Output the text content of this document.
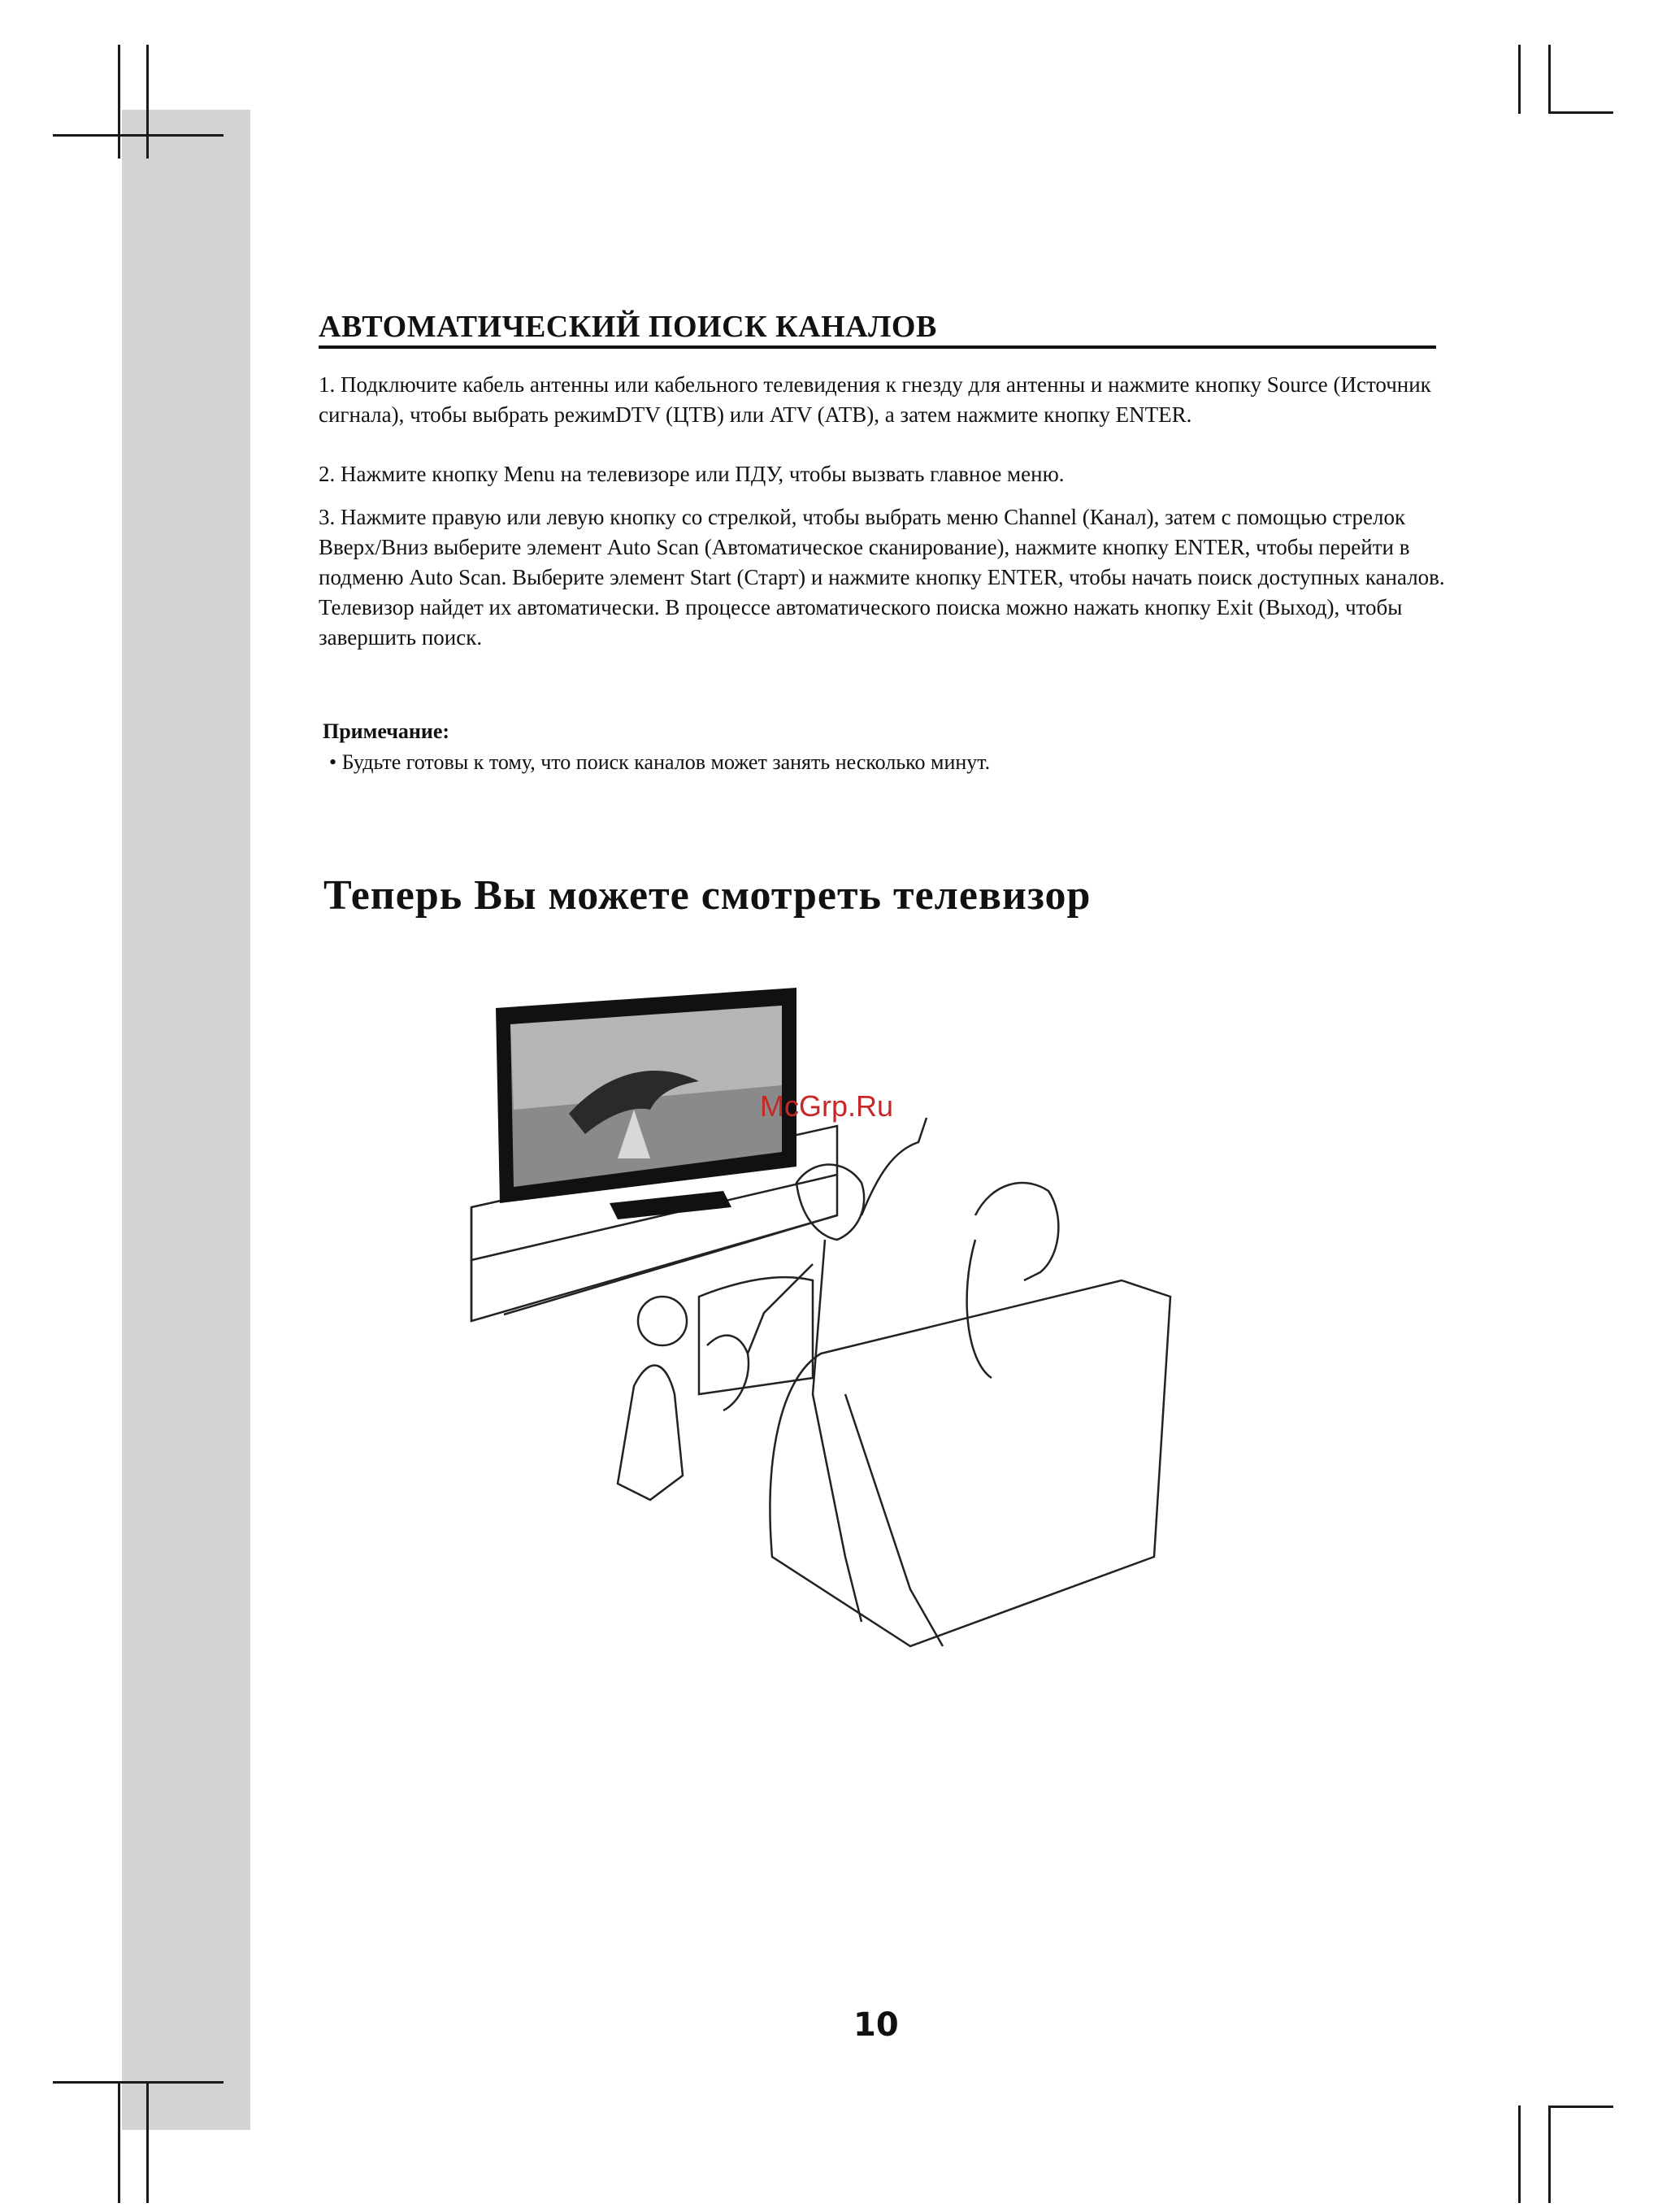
АВТОМАТИЧЕСКИЙ ПОИСК КАНАЛОВ
1. Подключите кабель антенны или кабельного телевидения к гнезду для антенны и нажмите кнопку Source (Источник сигнала), чтобы выбрать режимDTV (ЦТВ) или ATV (АТВ), а затем нажмите кнопку ENTER.
2. Нажмите кнопку Menu на телевизоре или ПДУ, чтобы вызвать главное меню.
3. Нажмите правую или левую кнопку со стрелкой, чтобы выбрать меню Channel (Канал), затем с помощью стрелок Вверх/Вниз выберите элемент Auto Scan (Автоматическое сканирование), нажмите кнопку ENTER, чтобы перейти в подменю Auto Scan. Выберите элемент Start (Старт) и нажмите кнопку ENTER, чтобы начать поиск доступных каналов. Телевизор найдет их автоматически. В процессе автоматического поиска можно нажать кнопку Exit (Выход), чтобы завершить поиск.
Примечание:
• Будьте готовы к тому, что поиск каналов может занять несколько минут.
Теперь Вы можете смотреть телевизор
McGrp.Ru
10
